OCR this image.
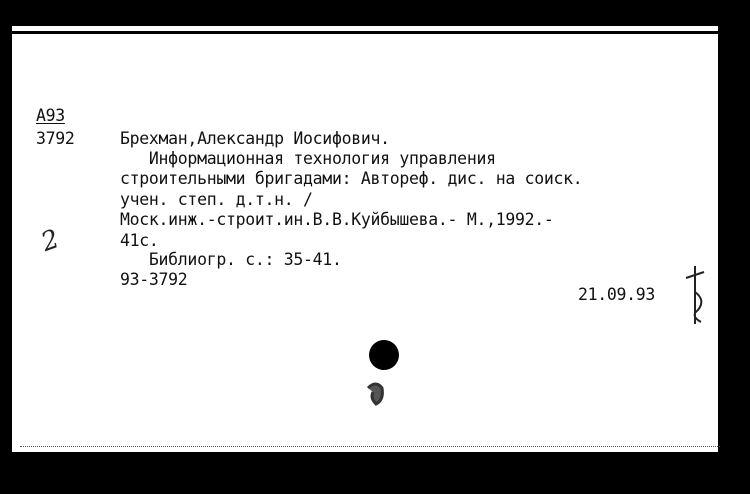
A93
3792	Брехман,Александр Иосифович.
Информационная технология управления
строительными бригадами: Автореф. дис. на соиск.
учен. степ. д.т.н. /
Моск.инж.-строит.ин.В.В.Куйбышева.- М.,1992.-
41с.
Библиогр. с.: 35-41.
93-3792
21.09.93
2
